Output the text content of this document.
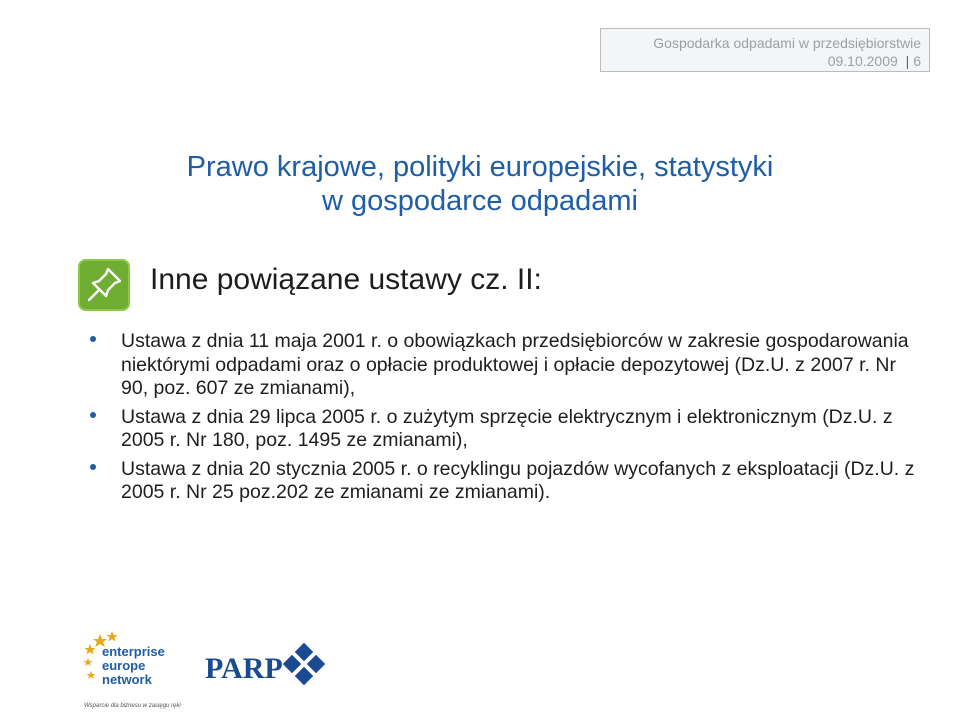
Gospodarka odpadami w przedsiębiorstwie
09.10.2009 | 6
Prawo krajowe, polityki europejskie, statystyki
w gospodarce odpadami
Inne powiązane ustawy cz. II:
Ustawa z dnia 11 maja 2001 r. o obowiązkach przedsiębiorców w zakresie gospodarowania niektórymi odpadami oraz o opłacie produktowej i opłacie depozytowej (Dz.U. z 2007 r. Nr 90, poz. 607 ze zmianami),
Ustawa z dnia 29 lipca 2005 r. o zużytym sprzęcie elektrycznym i elektronicznym (Dz.U. z 2005 r. Nr 180, poz. 1495 ze zmianami),
Ustawa z dnia 20 stycznia 2005 r. o recyklingu pojazdów wycofanych z eksploatacji (Dz.U. z 2005 r. Nr 25 poz.202 ze zmianami ze zmianami).
enterprise
europe
network
Wsparcie dla biznesu w zasięgu ręki
PARP
